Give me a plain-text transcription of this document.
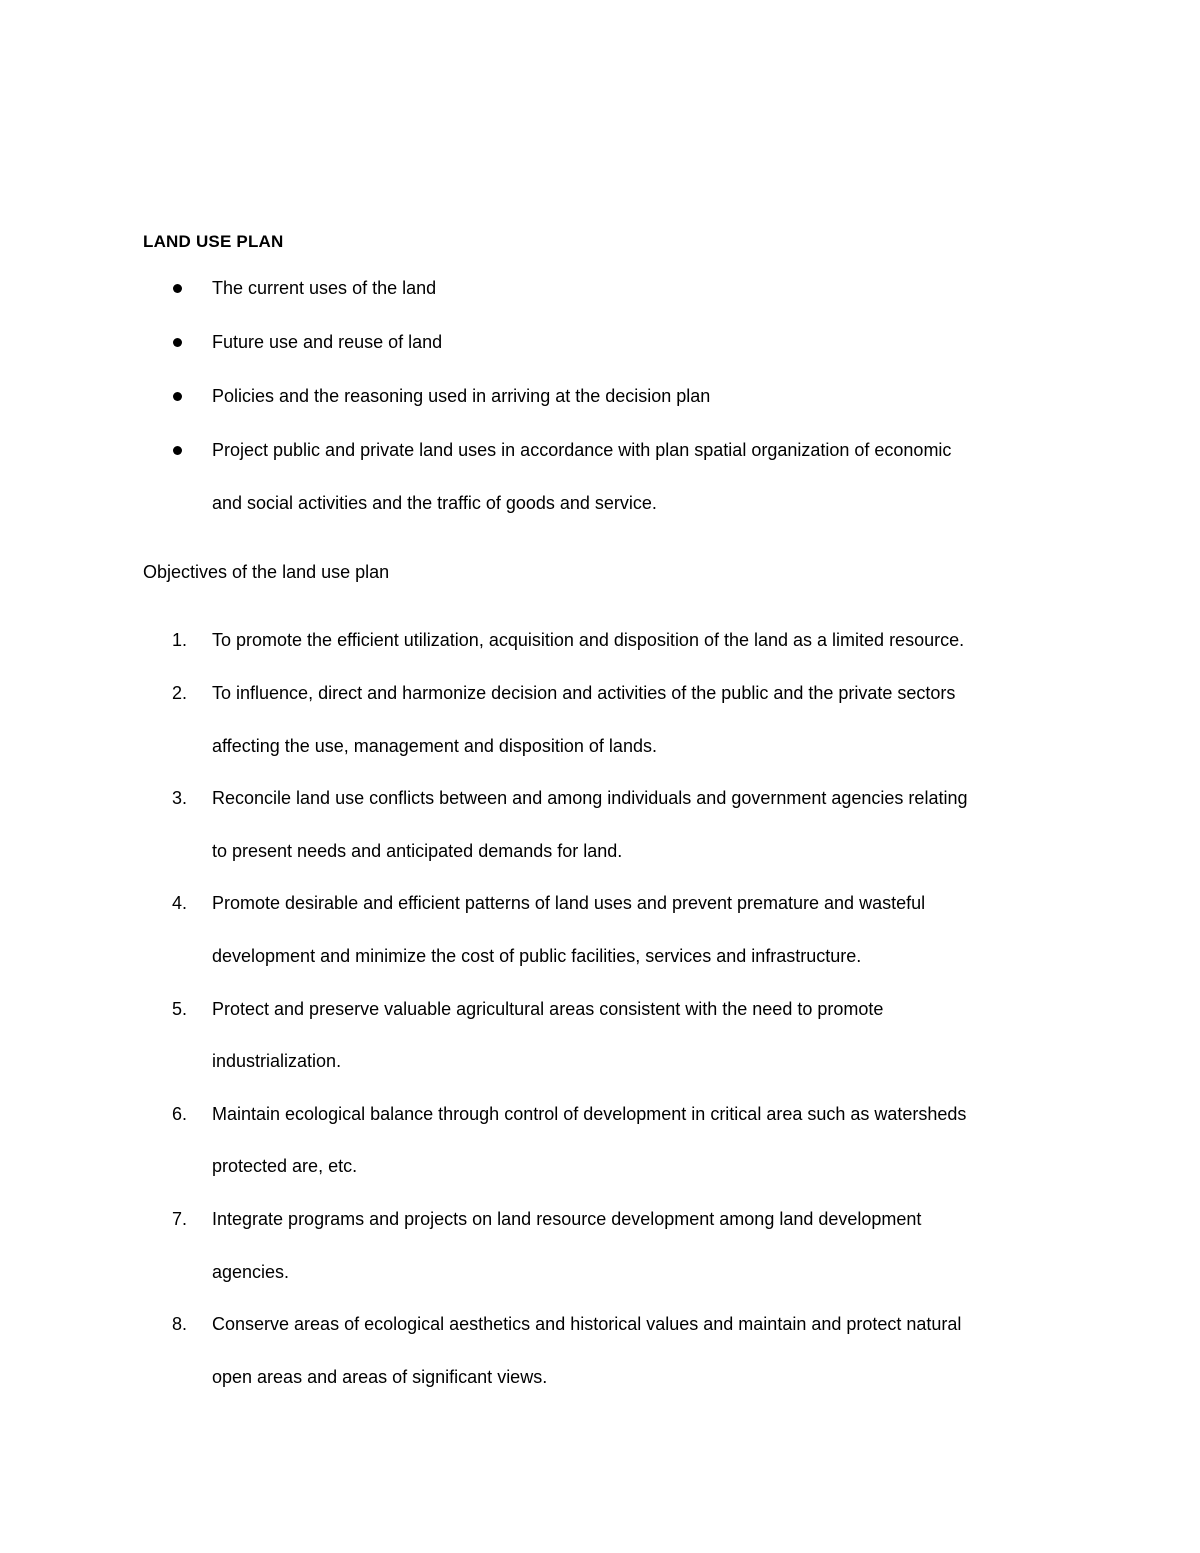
LAND USE PLAN
The current uses of the land
Future use and reuse of land
Policies and the reasoning used in arriving at the decision plan
Project public and private land uses in accordance with plan spatial organization of economic
and social activities and the traffic of goods and service.
Objectives of the land use plan
1.	To promote the efficient utilization, acquisition and disposition of the land as a limited resource.
2.	To influence, direct and harmonize decision and activities of the public and the private sectors
affecting the use, management and disposition of lands.
3.	Reconcile land use conflicts between and among individuals and government agencies relating
to present needs and anticipated demands for land.
4.	Promote desirable and efficient patterns of land uses and prevent premature and wasteful
development and minimize the cost of public facilities, services and infrastructure.
5.	Protect and preserve valuable agricultural areas consistent with the need to promote
industrialization.
6.	Maintain ecological balance through control of development in critical area such as watersheds
protected are, etc.
7.	Integrate programs and projects on land resource development among land development
agencies.
8.	Conserve areas of ecological aesthetics and historical values and maintain and protect natural
open areas and areas of significant views.
